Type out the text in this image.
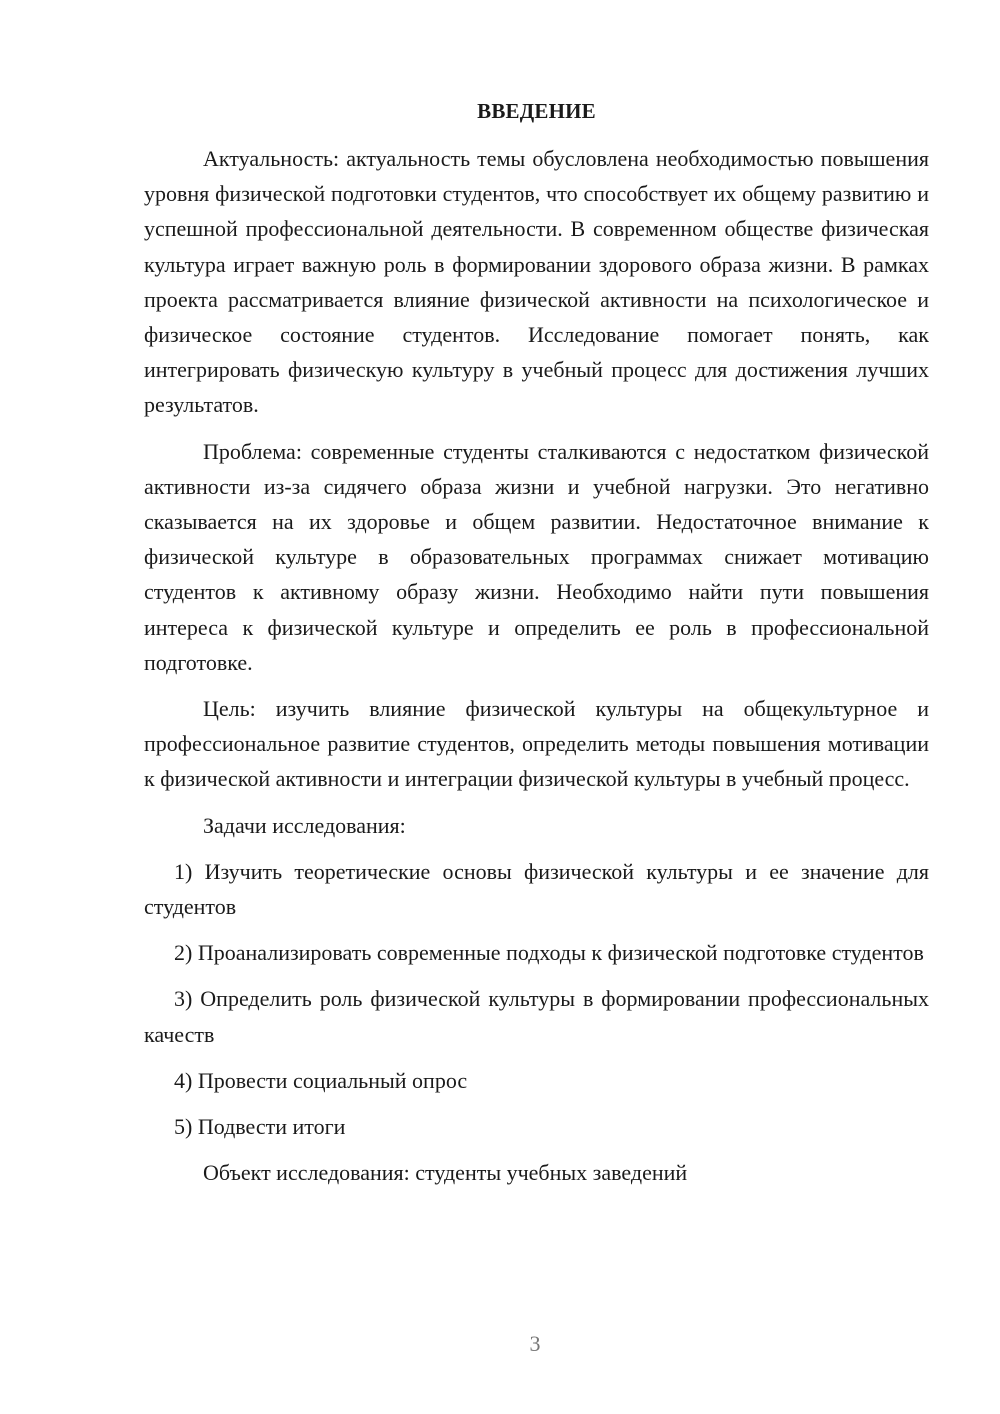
ВВЕДЕНИЕ

Актуальность: актуальность темы обусловлена необходимостью повышения уровня физической подготовки студентов, что способствует их общему развитию и успешной профессиональной деятельности. В современном обществе физическая культура играет важную роль в формировании здорового образа жизни. В рамках проекта рассматривается влияние физической активности на психологическое и физическое состояние студентов. Исследование помогает понять, как интегрировать физическую культуру в учебный процесс для достижения лучших результатов.

Проблема: современные студенты сталкиваются с недостатком физической активности из-за сидячего образа жизни и учебной нагрузки. Это негативно сказывается на их здоровье и общем развитии. Недостаточное внимание к физической культуре в образовательных программах снижает мотивацию студентов к активному образу жизни. Необходимо найти пути повышения интереса к физической культуре и определить ее роль в профессиональной подготовке.

Цель: изучить влияние физической культуры на общекультурное и профессиональное развитие студентов, определить методы повышения мотивации к физической активности и интеграции физической культуры в учебный процесс.

Задачи исследования:

1) Изучить теоретические основы физической культуры и ее значение для студентов

2) Проанализировать современные подходы к физической подготовке студентов

3) Определить роль физической культуры в формировании профессиональных качеств

4) Провести социальный опрос

5) Подвести итоги

Объект исследования: студенты учебных заведений

3
